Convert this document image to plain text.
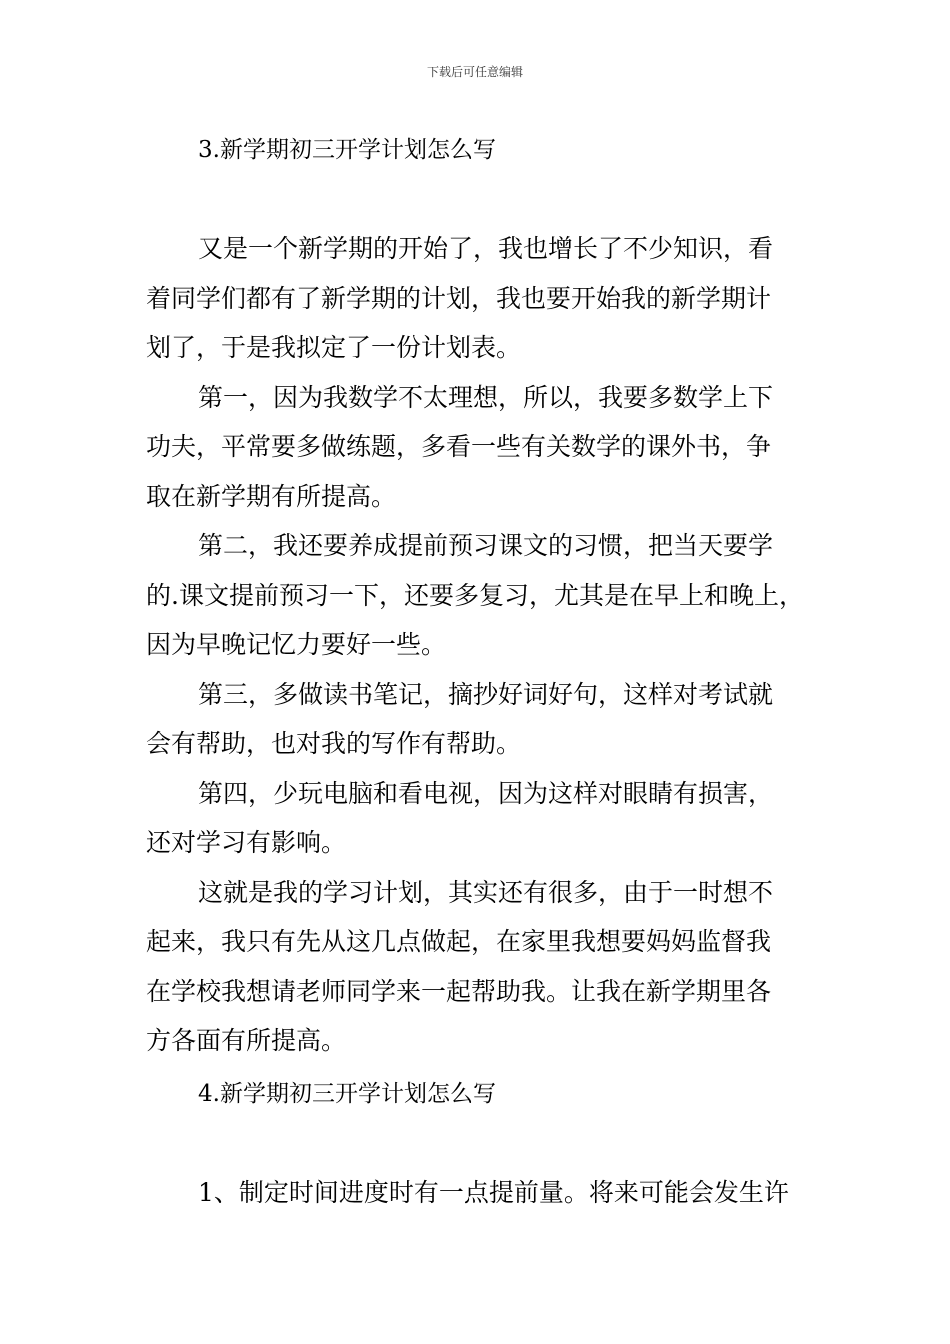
下载后可任意编辑
3.新学期初三开学计划怎么写
又是一个新学期的开始了，我也增长了不少知识，看
着同学们都有了新学期的计划，我也要开始我的新学期计
划了，于是我拟定了一份计划表。
第一，因为我数学不太理想，所以，我要多数学上下
功夫，平常要多做练题，多看一些有关数学的课外书，争
取在新学期有所提高。
第二，我还要养成提前预习课文的习惯，把当天要学
的.课文提前预习一下，还要多复习，尤其是在早上和晚上，
因为早晚记忆力要好一些。
第三，多做读书笔记，摘抄好词好句，这样对考试就
会有帮助，也对我的写作有帮助。
第四，少玩电脑和看电视，因为这样对眼睛有损害，
还对学习有影响。
这就是我的学习计划，其实还有很多，由于一时想不
起来，我只有先从这几点做起，在家里我想要妈妈监督我
在学校我想请老师同学来一起帮助我。让我在新学期里各
方各面有所提高。
4.新学期初三开学计划怎么写
1、制定时间进度时有一点提前量。将来可能会发生许
